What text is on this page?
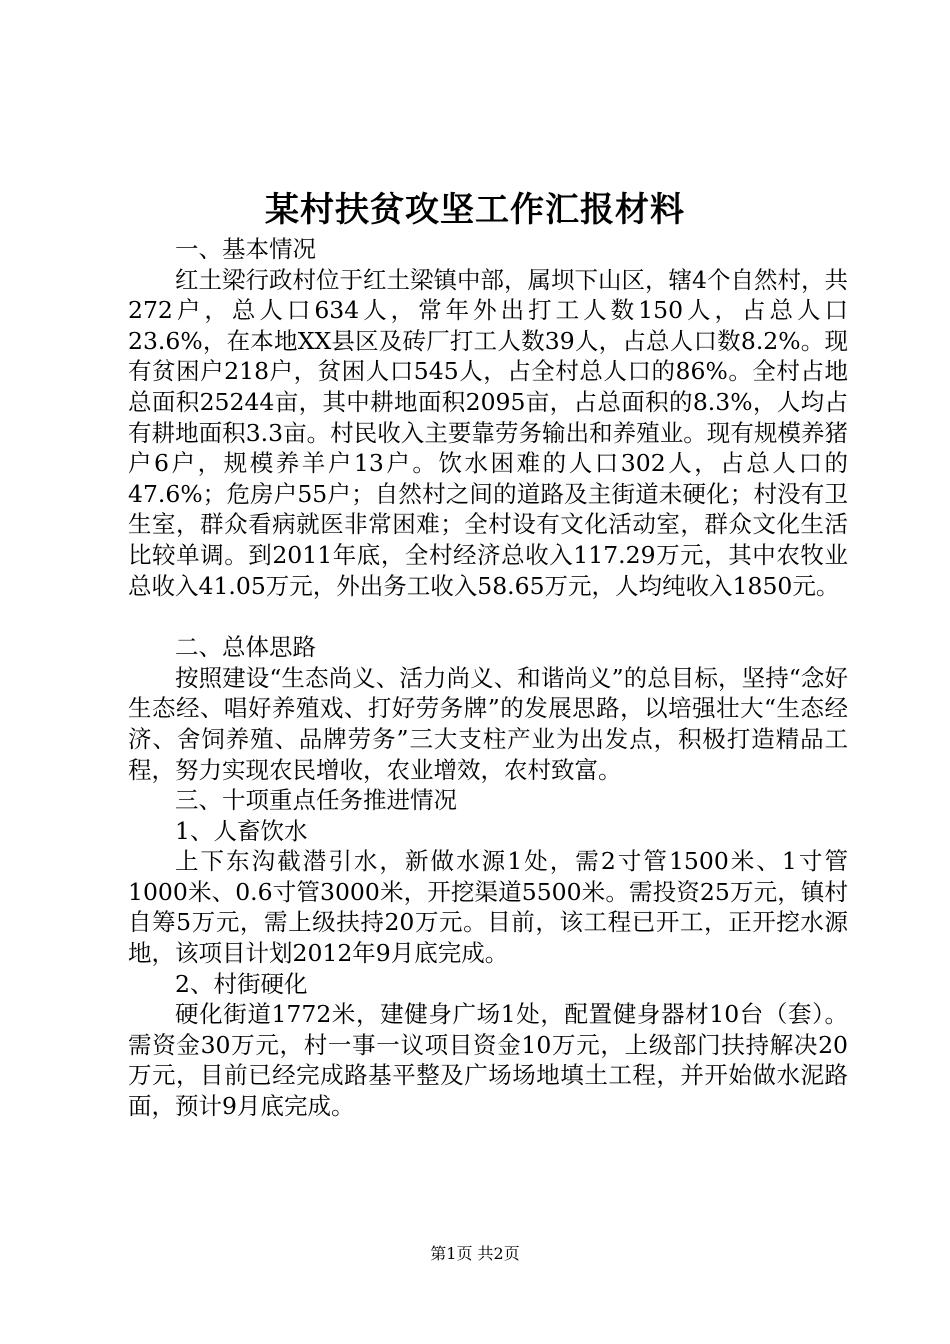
某村扶贫攻坚工作汇报材料

一、基本情况

红土梁行政村位于红土梁镇中部，属坝下山区，辖4个自然村，共272户，总人口634人，常年外出打工人数150人，占总人口23.6%，在本地XX县区及砖厂打工人数39人，占总人口数8.2%。现有贫困户218户，贫困人口545人，占全村总人口的86%。全村占地总面积25244亩，其中耕地面积2095亩，占总面积的8.3%，人均占有耕地面积3.3亩。村民收入主要靠劳务输出和养殖业。现有规模养猪户6户，规模养羊户13户。饮水困难的人口302人，占总人口的47.6%；危房户55户；自然村之间的道路及主街道未硬化；村没有卫生室，群众看病就医非常困难；全村设有文化活动室，群众文化生活比较单调。到2011年底，全村经济总收入117.29万元，其中农牧业总收入41.05万元，外出务工收入58.65万元，人均纯收入1850元。

二、总体思路

按照建设“生态尚义、活力尚义、和谐尚义”的总目标，坚持“念好生态经、唱好养殖戏、打好劳务牌”的发展思路，以培强壮大“生态经济、舍饲养殖、品牌劳务”三大支柱产业为出发点，积极打造精品工程，努力实现农民增收，农业增效，农村致富。

三、十项重点任务推进情况

1、人畜饮水

上下东沟截潜引水，新做水源1处，需2寸管1500米、1寸管1000米、0.6寸管3000米，开挖渠道5500米。需投资25万元，镇村自筹5万元，需上级扶持20万元。目前，该工程已开工，正开挖水源地，该项目计划2012年9月底完成。

2、村街硬化

硬化街道1772米，建健身广场1处，配置健身器材10台（套）。需资金30万元，村一事一议项目资金10万元，上级部门扶持解决20万元，目前已经完成路基平整及广场场地填土工程，并开始做水泥路面，预计9月底完成。

第1页 共2页
